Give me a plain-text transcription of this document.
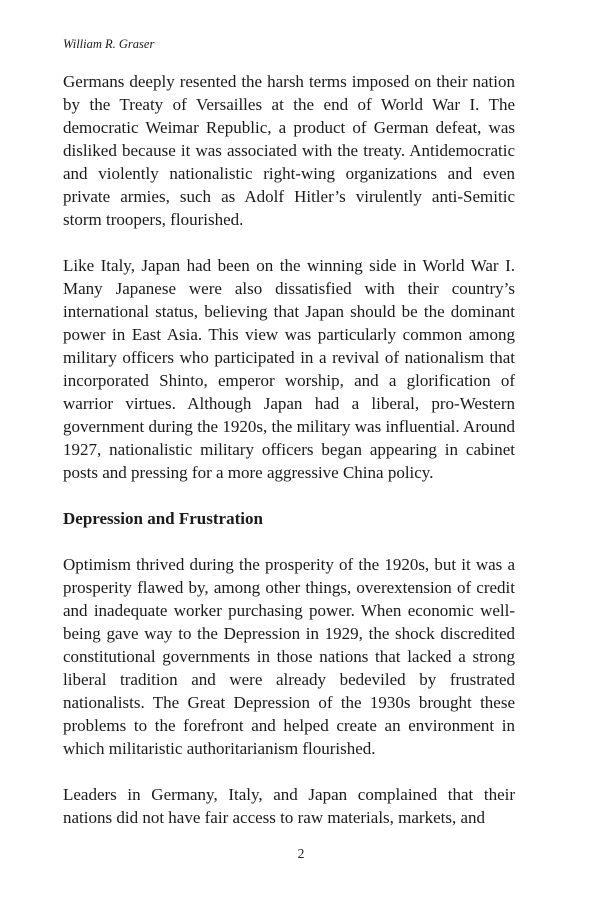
William R. Graser

Germans deeply resented the harsh terms imposed on their nation by the Treaty of Versailles at the end of World War I. The democratic Weimar Republic, a product of German defeat, was disliked because it was associated with the treaty. Antidemocratic and violently nationalistic right-wing organizations and even private armies, such as Adolf Hitler’s virulently anti-Semitic storm troopers, flourished.

Like Italy, Japan had been on the winning side in World War I. Many Japanese were also dissatisfied with their country’s international status, believing that Japan should be the dominant power in East Asia. This view was particularly common among military officers who participated in a revival of nationalism that incorporated Shinto, emperor worship, and a glorification of warrior virtues. Although Japan had a liberal, pro-Western government during the 1920s, the military was influential. Around 1927, nationalistic military officers began appearing in cabinet posts and pressing for a more aggressive China policy.

Depression and Frustration

Optimism thrived during the prosperity of the 1920s, but it was a prosperity flawed by, among other things, overextension of credit and inadequate worker purchasing power. When economic well-being gave way to the Depression in 1929, the shock discredited constitutional governments in those nations that lacked a strong liberal tradition and were already bedeviled by frustrated nationalists. The Great Depression of the 1930s brought these problems to the forefront and helped create an environment in which militaristic authoritarianism flourished.

Leaders in Germany, Italy, and Japan complained that their nations did not have fair access to raw materials, markets, and

2
